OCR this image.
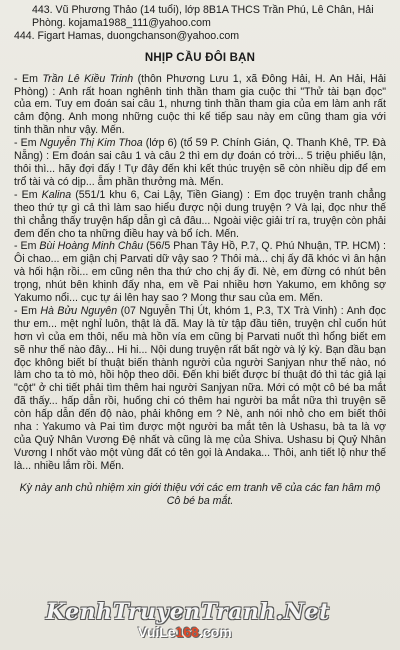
443. Vũ Phương Thảo (14 tuổi), lớp 8B1A THCS Trần Phú, Lê Chân, Hải Phòng. kojama1988_111@yahoo.com

444. Figart Hamas, duongchanson@yahoo.com

NHỊP CẦU ĐÔI BẠN

- Em Trần Lê Kiều Trinh (thôn Phương Lưu 1, xã Đông Hải, H. An Hải, Hải Phòng) : Anh rất hoan nghênh tinh thần tham gia cuộc thi "Thử tài bạn đọc" của em. Tuy em đoán sai câu 1, nhưng tinh thần tham gia của em làm anh rất cảm động. Anh mong những cuộc thi kế tiếp sau này em cũng tham gia với tinh thần như vậy. Mến.

- Em Nguyễn Thị Kim Thoa (lớp 6) (tổ 59 P. Chính Gián, Q. Thanh Khê, TP. Đà Nẵng) : Em đoán sai câu 1 và câu 2 thì em dự đoán có trời... 5 triệu phiếu lận, thôi thì... hãy đợi đấy ! Tự đây đến khi kết thúc truyện sẽ còn nhiều dịp để em trổ tài và có dịp... ẵm phần thưởng mà. Mến.

- Em Kalina (551/1 khu 6, Cai Lậy, Tiền Giang) : Em đọc truyện tranh chẳng theo thứ tự gì cả thì làm sao hiểu được nội dung truyện ? Và lại, đọc như thế thì chẳng thấy truyện hấp dẫn gì cả đâu... Ngoài việc giải trí ra, truyện còn phải đem đến cho ta những điều hay và bổ ích. Mến.

- Em Bùi Hoàng Minh Châu (56/5 Phan Tây Hồ, P.7, Q. Phú Nhuận, TP. HCM) : Ôi chao... em giận chị Parvati dữ vậy sao ? Thôi mà... chị ấy đã khóc vì ân hận và hối hận rồi... em cũng nên tha thứ cho chị ấy đi. Nè, em đừng có nhút bên trọng, nhút bên khinh đấy nha, em về Pai nhiều hơn Yakumo, em không sợ Yakumo nổi... cục tự ái lên hay sao ? Mong thư sau của em. Mến.

- Em Hà Bửu Nguyên (07 Nguyễn Thị Út, khóm 1, P.3, TX Trà Vinh) : Anh đọc thư em... mệt nghỉ luôn, thật là đã. May là từ tập đầu tiên, truyện chỉ cuốn hút hơn vì của em thôi, nếu mà hồn vía em cũng bị Parvati nuốt thì hổng biết em sẽ như thế nào đây... Hi hi... Nội dung truyện rất bất ngờ và lý kỳ. Bạn đầu bạn đọc không biết bí thuật biến thành người của người Sanjyan như thế nào, nó làm cho ta tò mò, hồi hộp theo dõi. Đến khi biết được bí thuật đó thì tác giả lại "cột" ở chi tiết phải tìm thêm hai người Sanjyan nữa. Mới có một cô bé ba mắt đã thấy... hấp dẫn rồi, huống chi có thêm hai người ba mắt nữa thì truyện sẽ còn hấp dẫn đến độ nào, phải không em ? Nè, anh nói nhỏ cho em biết thôi nha : Yakumo và Pai tìm được một người ba mắt tên là Ushasu, bà ta là vợ của Quỷ Nhân Vương Đệ nhất và cũng là mẹ của Shiva. Ushasu bị Quỷ Nhân Vương I nhốt vào một vùng đất có tên gọi là Andaka... Thôi, anh tiết lộ như thế là... nhiều lắm rồi. Mến.

Kỳ này anh chủ nhiệm xin giới thiệu với các em tranh vẽ của các fan hâm mộ Cô bé ba mắt.

KenhTruyenTranh.Net
VuiLe168.com
